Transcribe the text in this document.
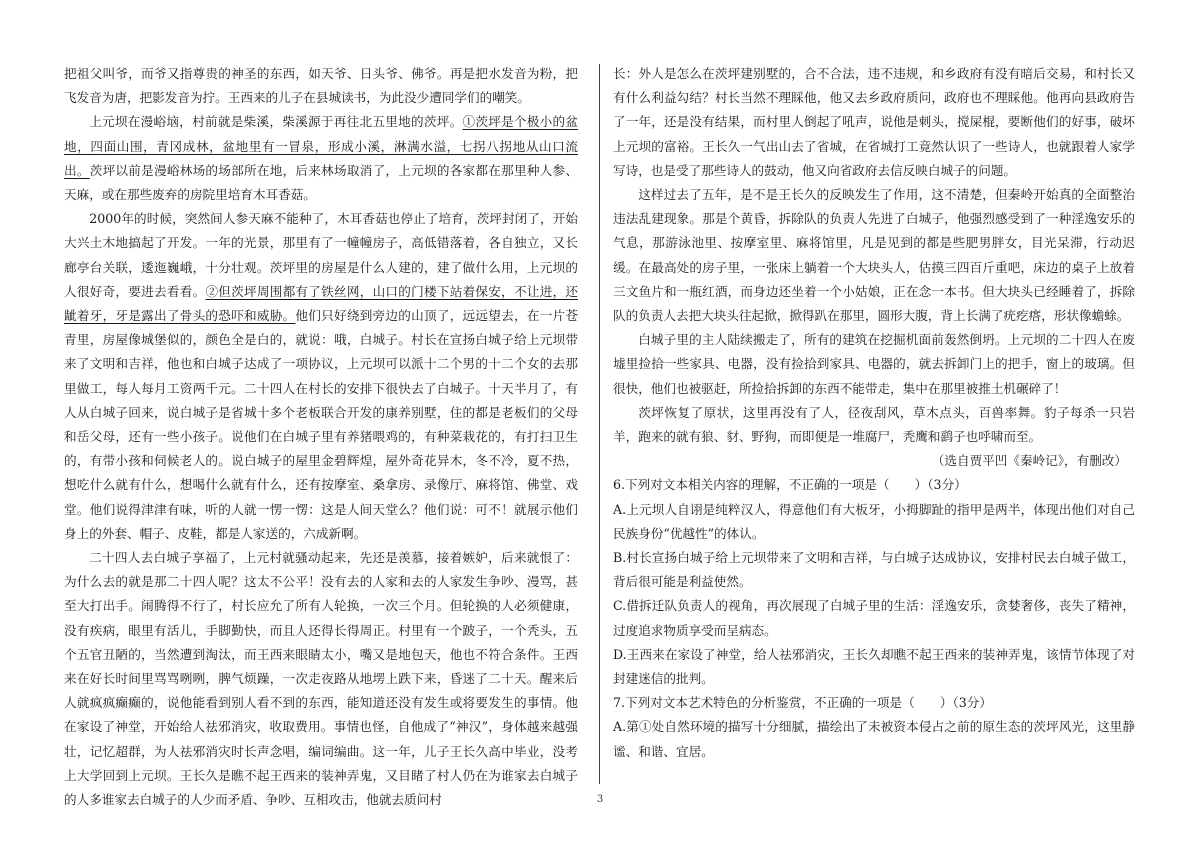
把祖父叫爷，而爷又指尊贵的神圣的东西，如天爷、日头爷、佛爷。再是把水发音为粉，把飞发音为唐，把影发音为拧。王西来的儿子在县城读书，为此没少遭同学们的嘲笑。

上元坝在漫峪垴，村前就是柴溪，柴溪源于再往北五里地的茨坪。①茨坪是个极小的盆地，四面山围，青冈成林，盆地里有一冒泉，形成小溪，淋满水溢，七拐八拐地从山口流出。茨坪以前是漫峪林场的场部所在地，后来林场取消了，上元坝的各家都在那里种人参、天麻，或在那些废弃的房院里培育木耳香菇。

2000年的时候，突然间人参天麻不能种了，木耳香菇也停止了培育，茨坪封闭了，开始大兴土木地搞起了开发。一年的光景，那里有了一幢幢房子，高低错落着，各自独立，又长廊亭台关联，逶迤巍峨，十分壮观。茨坪里的房屋是什么人建的，建了做什么用，上元坝的人很好奇，要进去看看。②但茨坪周围都有了铁丝网，山口的门楼下站着保安，不让进，还龇着牙，牙是露出了骨头的恐吓和威胁。他们只好绕到旁边的山顶了，远远望去，在一片苍青里，房屋像城堡似的，颜色全是白的，就说：哦，白城子。村长在宣扬白城子给上元坝带来了文明和吉祥，他也和白城子达成了一项协议，上元坝可以派十二个男的十二个女的去那里做工，每人每月工资两千元。二十四人在村长的安排下很快去了白城子。十天半月了，有人从白城子回来，说白城子是省城十多个老板联合开发的康养别墅，住的都是老板们的父母和岳父母，还有一些小孩子。说他们在白城子里有养猪喂鸡的，有种菜栽花的，有打扫卫生的，有带小孩和伺候老人的。说白城子的屋里金碧辉煌，屋外奇花异木，冬不冷，夏不热，想吃什么就有什么，想喝什么就有什么，还有按摩室、桑拿房、录像厅、麻将馆、佛堂、戏堂。他们说得津津有味，听的人就一愣一愣：这是人间天堂么？他们说：可不！就展示他们身上的外套、帽子、皮鞋，都是人家送的，六成新啊。

二十四人去白城子享福了，上元村就骚动起来，先还是羡慕，接着嫉妒，后来就恨了：为什么去的就是那二十四人呢？这太不公平！没有去的人家和去的人家发生争吵、漫骂，甚至大打出手。闹腾得不行了，村长应允了所有人轮换，一次三个月。但轮换的人必须健康，没有疾病，眼里有活儿，手脚勤快，而且人还得长得周正。村里有一个跛子，一个秃头，五个五官丑陋的，当然遭到淘汰，而王西来眼睛太小，嘴又是地包天，他也不符合条件。王西来在好长时间里骂骂咧咧，脾气烦躁，一次走夜路从地塄上跌下来，昏迷了二十天。醒来后人就疯疯癫癫的，说他能看到别人看不到的东西，能知道还没有发生或将要发生的事情。他在家设了神堂，开始给人祛邪消灾，收取费用。事情也怪，自他成了“神汉”，身体越来越强壮，记忆超群，为人祛邪消灾时长声念唱，编词编曲。这一年，儿子王长久高中毕业，没考上大学回到上元坝。王长久是瞧不起王西来的装神弄鬼，又目睹了村人仍在为谁家去白城子的人多谁家去白城子的人少而矛盾、争吵、互相攻击，他就去质问村

长：外人是怎么在茨坪建别墅的，合不合法，违不违规，和乡政府有没有暗后交易，和村长又有什么利益勾结？村长当然不理睬他，他又去乡政府质问，政府也不理睬他。他再向县政府告了一年，还是没有结果，而村里人倒起了吼声，说他是刺头，搅屎棍，要断他们的好事，破坏上元坝的富裕。王长久一气出山去了省城，在省城打工竟然认识了一些诗人，也就跟着人家学写诗，也是受了那些诗人的鼓动，他又向省政府去信反映白城子的问题。

这样过去了五年，是不是王长久的反映发生了作用，这不清楚，但秦岭开始真的全面整治违法乱建现象。那是个黄昏，拆除队的负责人先进了白城子，他强烈感受到了一种淫逸安乐的气息，那游泳池里、按摩室里、麻将馆里，凡是见到的都是些肥男胖女，目光呆滞，行动迟缓。在最高处的房子里，一张床上躺着一个大块头人，估摸三四百斤重吧，床边的桌子上放着三文鱼片和一瓶红酒，而身边还坐着一个小姑娘，正在念一本书。但大块头已经睡着了，拆除队的负责人去把大块头往起掀，掀得趴在那里，圆形大腹，背上长满了疣疙瘩，形状像蟾蜍。

白城子里的主人陆续搬走了，所有的建筑在挖掘机面前轰然倒坍。上元坝的二十四人在废墟里捡拾一些家具、电器，没有捡拾到家具、电器的，就去拆卸门上的把手，窗上的玻璃。但很快，他们也被驱赶，所捡拾拆卸的东西不能带走，集中在那里被推土机碾碎了！

茨坪恢复了原状，这里再没有了人，径夜刮风，草木点头，百兽率舞。豹子每杀一只岩羊，跑来的就有狼、豺、野狗，而即便是一堆腐尸，秃鹰和鹞子也呼啸而至。

（选自贾平凹《秦岭记》，有删改）

6.下列对文本相关内容的理解，不正确的一项是（　　）（3分）

A.上元坝人自诩是纯粹汉人，得意他们有大板牙，小拇脚趾的指甲是两半，体现出他们对自己民族身份“优越性”的体认。

B.村长宣扬白城子给上元坝带来了文明和吉祥，与白城子达成协议，安排村民去白城子做工，背后很可能是利益使然。

C.借拆迁队负责人的视角，再次展现了白城子里的生活：淫逸安乐，贪婪奢侈，丧失了精神，过度追求物质享受而呈病态。

D.王西来在家设了神堂，给人祛邪消灾，王长久却瞧不起王西来的装神弄鬼，该情节体现了对封建迷信的批判。

7.下列对文本艺术特色的分析鉴赏，不正确的一项是（　　）（3分）

A.第①处自然环境的描写十分细腻，描绘出了未被资本侵占之前的原生态的茨坪风光，这里静谧、和谐、宜居。

3
